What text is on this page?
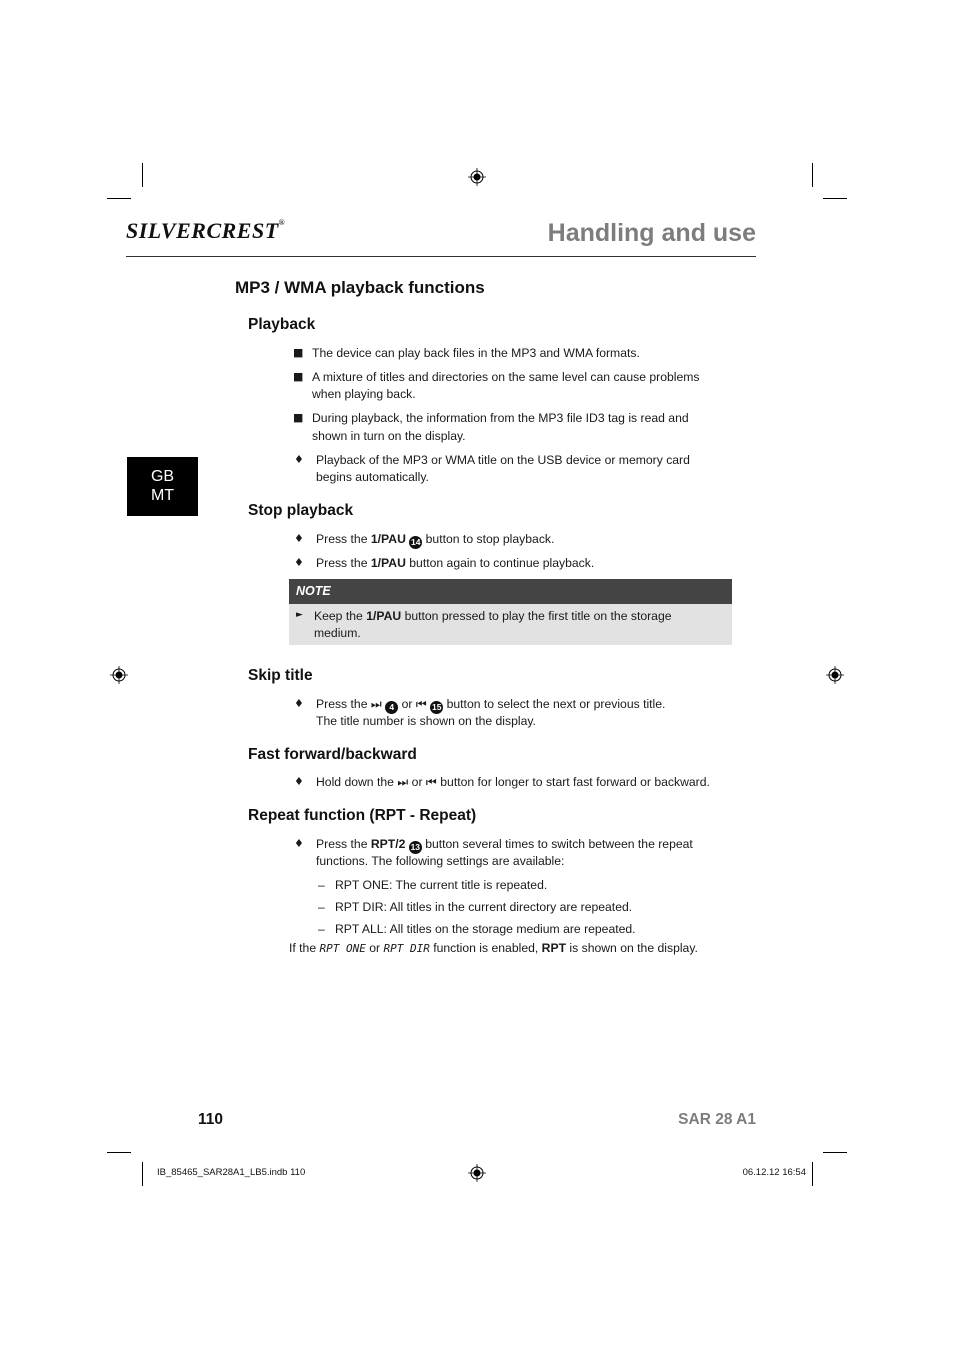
SILVERCREST®	Handling and use
GB
MT
MP3 / WMA playback functions
Playback
■ The device can play back files in the MP3 and WMA formats.
■ A mixture of titles and directories on the same level can cause problems
when playing back.
■ During playback, the information from the MP3 file ID3 tag is read and
shown in turn on the display.
♦ Playback of the MP3 or WMA title on the USB device or memory card
begins automatically.
Stop playback
♦ Press the 1/PAU 14 button to stop playback.
♦ Press the 1/PAU button again to continue playback.
NOTE
► Keep the 1/PAU button pressed to play the first title on the storage
medium.
Skip title
♦ Press the ⏭ 4 or ⏮ 15 button to select the next or previous title.
The title number is shown on the display.
Fast forward/backward
♦ Hold down the ⏭ or ⏮ button for longer to start fast forward or backward.
Repeat function (RPT - Repeat)
♦ Press the RPT/2 13 button several times to switch between the repeat
functions. The following settings are available:
– RPT ONE: The current title is repeated.
– RPT DIR: All titles in the current directory are repeated.
– RPT ALL: All titles on the storage medium are repeated.
If the RPT ONE or RPT DIR function is enabled, RPT is shown on the display.
110	SAR 28 A1
IB_85465_SAR28A1_LB5.indb 110	06.12.12 16:54
